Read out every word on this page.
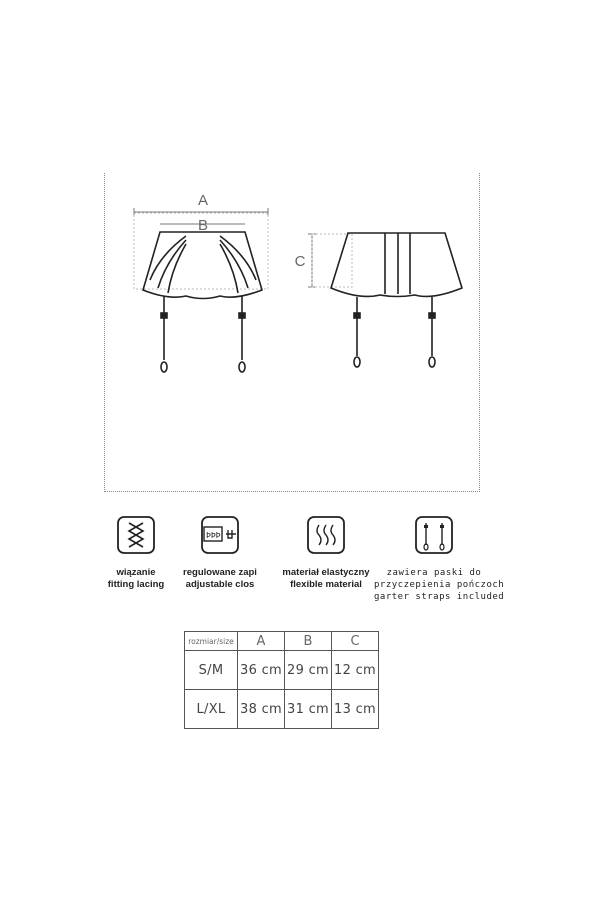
A
B
C
wiązanie
fitting lacing
ÞÞÞ
regulowane zapi
adjustable clos
materiał elastyczny
flexible material
zawiera paski do
przyczepienia pończoch
garter straps included
rozmiar/size	A	B	C
S/M	36 cm	29 cm	12 cm
L/XL	38 cm	31 cm	13 cm
